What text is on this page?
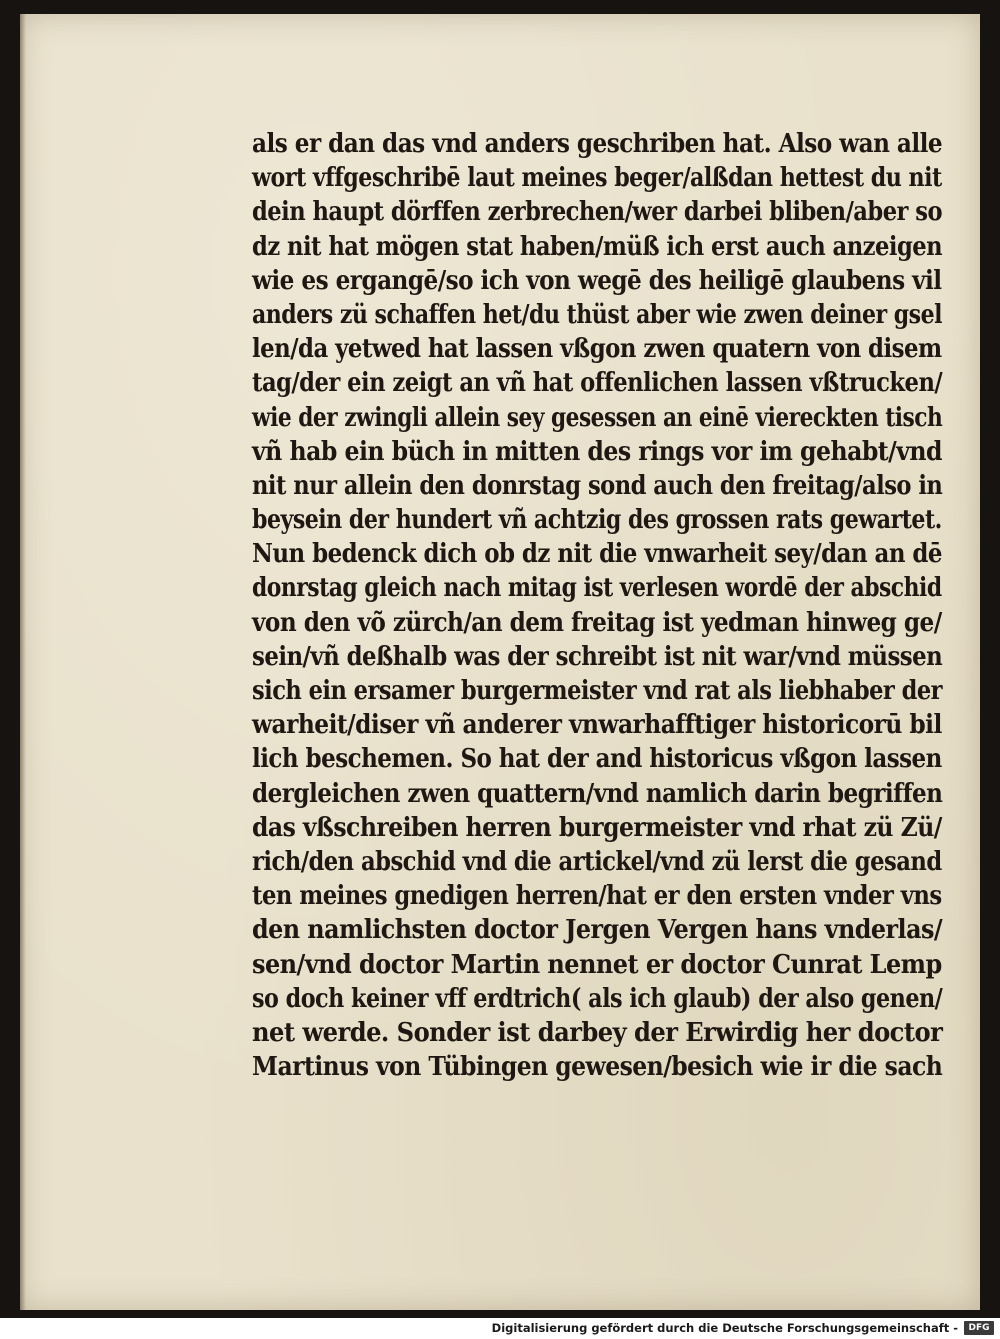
als er dan das vnd anders geschriben hat. Also wan alle
wort vffgeschribē laut meines beger/alßdan hettest du nit
dein haupt dörffen zerbrechen/wer darbei bliben/aber so
dz nit hat mögen stat haben/müß ich erst auch anzeigen
wie es ergangē/so ich von wegē des heiligē glaubens vil
anders zü schaffen het/du thüst aber wie zwen deiner gsel
len/da yetwed hat lassen vßgon zwen quatern von disem
tag/der ein zeigt an vñ hat offenlichen lassen vßtrucken/
wie der zwingli allein sey gesessen an einē viereckten tisch
vñ hab ein büch in mitten des rings vor im gehabt/vnd
nit nur allein den donrstag sond auch den freitag/also in
beysein der hundert vñ achtzig des grossen rats gewartet.
Nun bedenck dich ob dz nit die vnwarheit sey/dan an dē
donrstag gleich nach mitag ist verlesen wordē der abschid
von den võ zürch/an dem freitag ist yedman hinweg ge/
sein/vñ deßhalb was der schreibt ist nit war/vnd müssen
sich ein ersamer burgermeister vnd rat als liebhaber der
warheit/diser vñ anderer vnwarhafftiger historicorū bil
lich beschemen. So hat der and historicus vßgon lassen
dergleichen zwen quattern/vnd namlich darin begriffen
das vßschreiben herren burgermeister vnd rhat zü Zü/
rich/den abschid vnd die artickel/vnd zü lerst die gesand
ten meines gnedigen herren/hat er den ersten vnder vns
den namlichsten doctor Jergen Vergen hans vnderlas/
sen/vnd doctor Martin nennet er doctor Cunrat Lemp
so doch keiner vff erdtrich( als ich glaub) der also genen/
net werde. Sonder ist darbey der Erwirdig her doctor
Martinus von Tübingen gewesen/besich wie ir die sach
Digitalisierung gefördert durch die Deutsche Forschungsgemeinschaft -	DFG
